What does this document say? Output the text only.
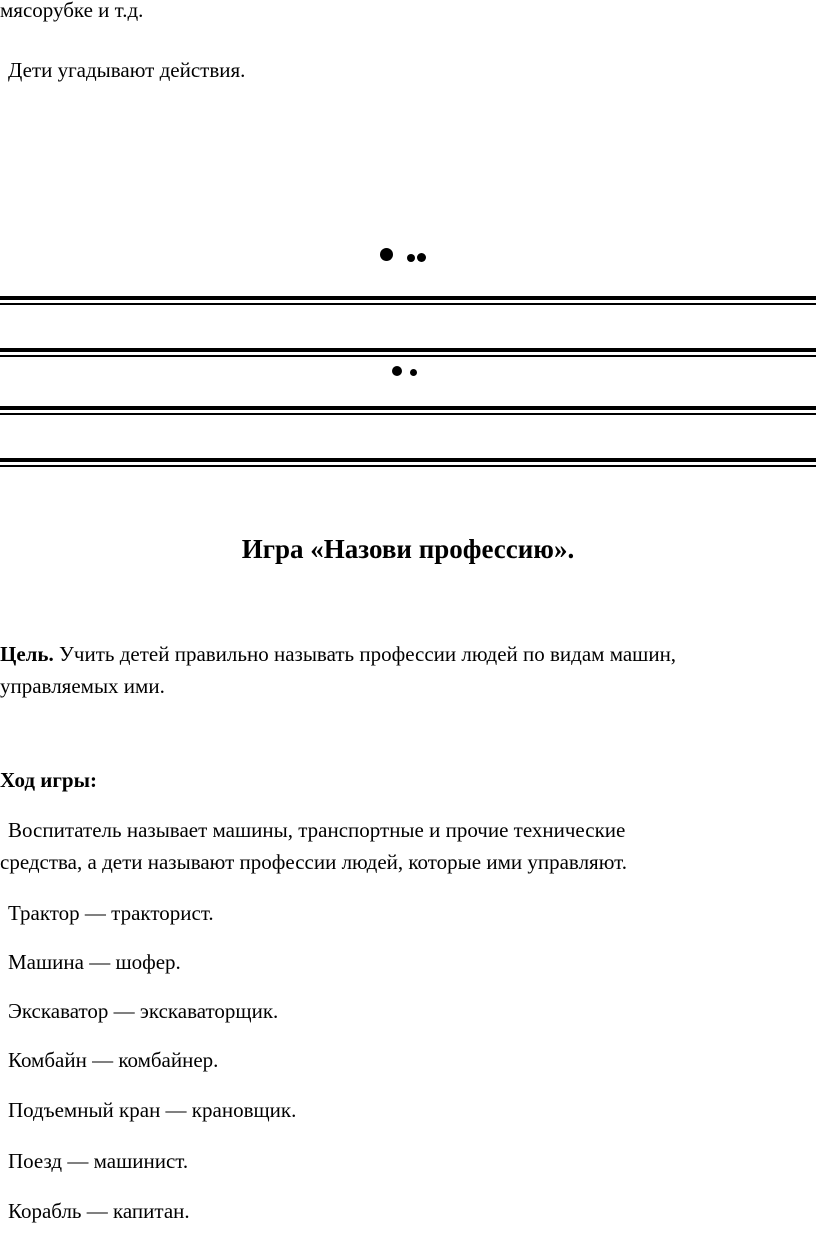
мясорубке и т.д.
Дети угадывают действия.
Игра «Назови профессию».
Цель. Учить детей правильно называть профессии людей по видам машин,
управляемых ими.
Ход игры:
Воспитатель называет машины, транспортные и прочие технические
средства, а дети называют профессии людей, которые ими управляют.
Трактор — тракторист.
Машина — шофер.
Экскаватор — экскаваторщик.
Комбайн — комбайнер.
Подъемный кран — крановщик.
Поезд — машинист.
Корабль — капитан.
